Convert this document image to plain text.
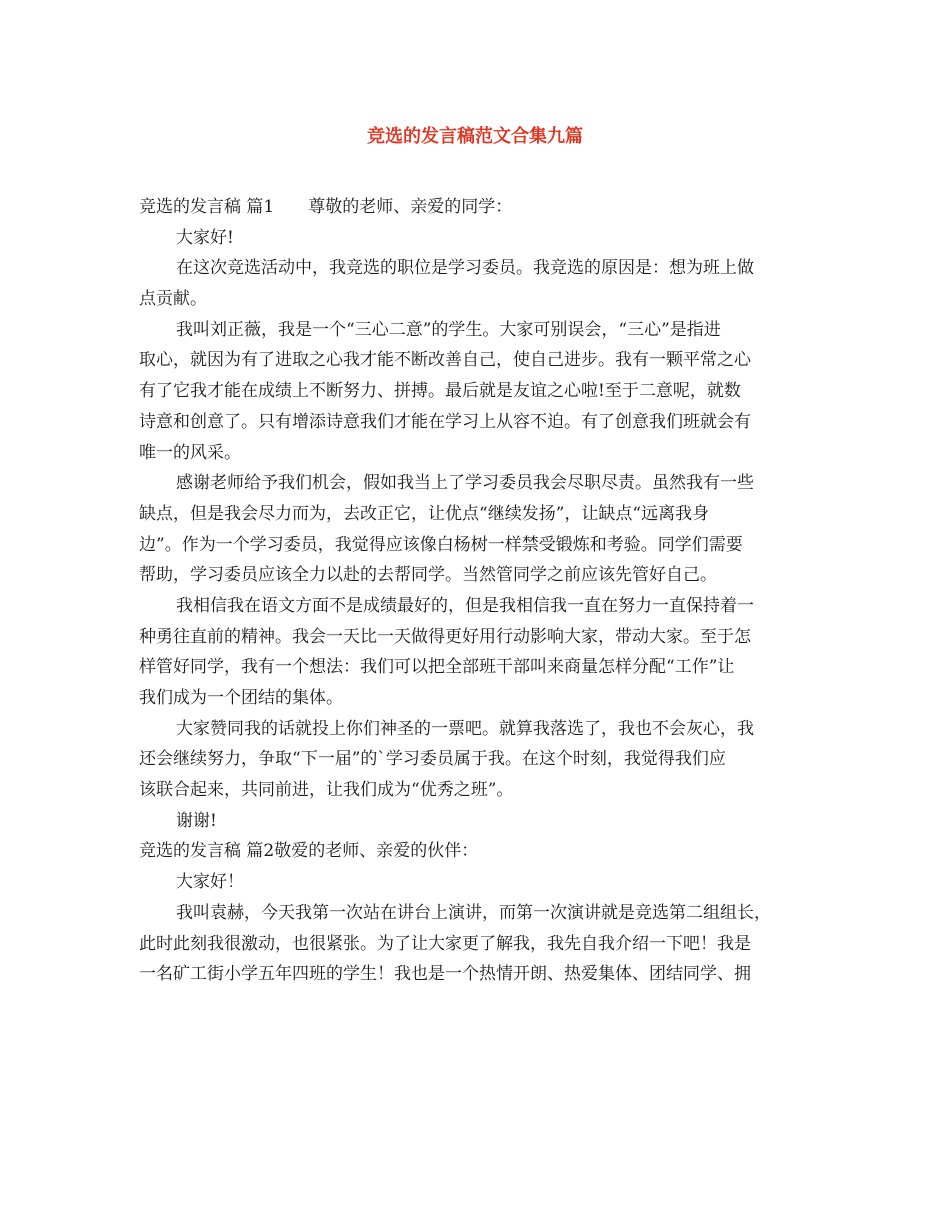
竞选的发言稿范文合集九篇
竞选的发言稿 篇1 尊敬的老师、亲爱的同学：
大家好!
在这次竞选活动中，我竞选的职位是学习委员。我竞选的原因是：想为班上做
点贡献。
我叫刘正薇，我是一个“三心二意”的学生。大家可别误会，“三心”是指进
取心，就因为有了进取之心我才能不断改善自己，使自己进步。我有一颗平常之心
有了它我才能在成绩上不断努力、拼搏。最后就是友谊之心啦!至于二意呢，就数
诗意和创意了。只有增添诗意我们才能在学习上从容不迫。有了创意我们班就会有
唯一的风采。
感谢老师给予我们机会，假如我当上了学习委员我会尽职尽责。虽然我有一些
缺点，但是我会尽力而为，去改正它，让优点“继续发扬”，让缺点“远离我身
边”。作为一个学习委员，我觉得应该像白杨树一样禁受锻炼和考验。同学们需要
帮助，学习委员应该全力以赴的去帮同学。当然管同学之前应该先管好自己。
我相信我在语文方面不是成绩最好的，但是我相信我一直在努力一直保持着一
种勇往直前的精神。我会一天比一天做得更好用行动影响大家，带动大家。至于怎
样管好同学，我有一个想法：我们可以把全部班干部叫来商量怎样分配“工作”让
我们成为一个团结的集体。
大家赞同我的话就投上你们神圣的一票吧。就算我落选了，我也不会灰心，我
还会继续努力，争取“下一届”的`学习委员属于我。在这个时刻，我觉得我们应
该联合起来，共同前进，让我们成为“优秀之班”。
谢谢!
竞选的发言稿 篇2敬爱的老师、亲爱的伙伴：
大家好！
我叫袁赫，今天我第一次站在讲台上演讲，而第一次演讲就是竞选第二组组长，
此时此刻我很激动，也很紧张。为了让大家更了解我，我先自我介绍一下吧！我是
一名矿工街小学五年四班的学生！我也是一个热情开朗、热爱集体、团结同学、拥
